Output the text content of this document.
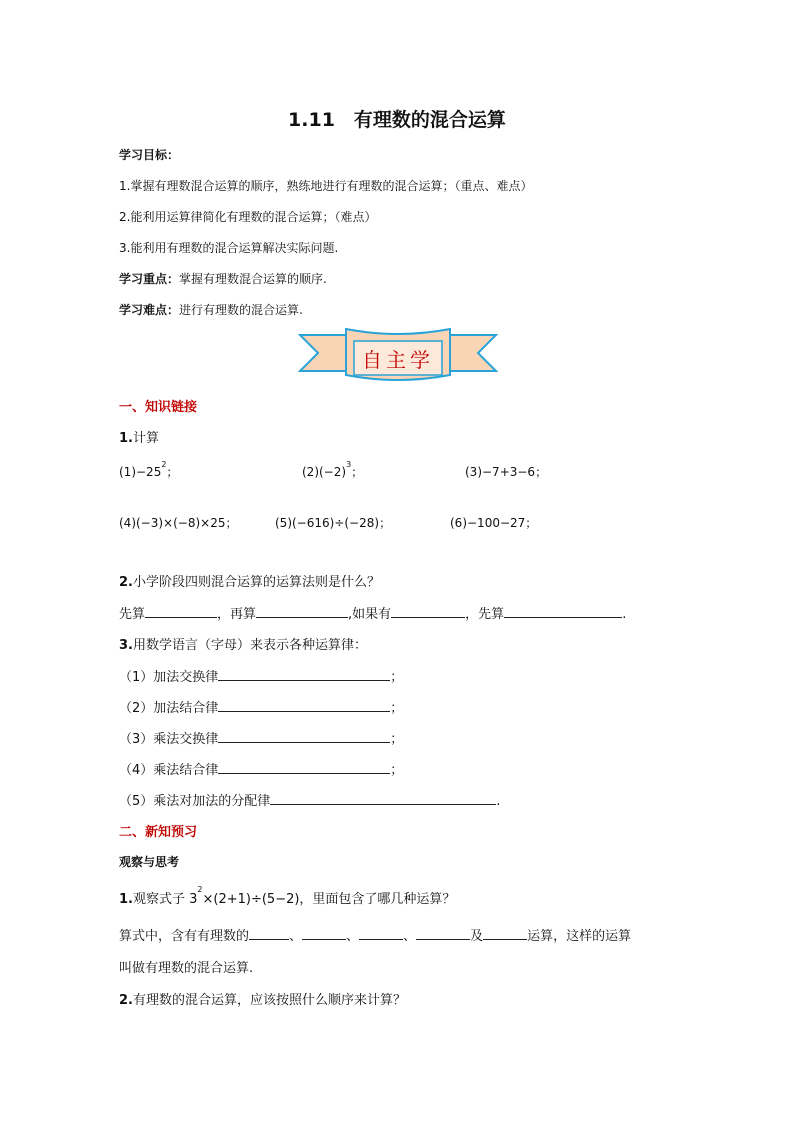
1.11　有理数的混合运算
学习目标：
1.掌握有理数混合运算的顺序，熟练地进行有理数的混合运算；（重点、难点）
2.能利用运算律简化有理数的混合运算；（难点）
3.能利用有理数的混合运算解决实际问题.
学习重点：掌握有理数混合运算的顺序.
学习难点：进行有理数的混合运算.
自主学
一、知识链接
1.计算
$(1)-25^2$；	$(2)(-2)^3$；	(3)−7+3−6；
(4)(−3)×(−8)×25；	(5)(−616)÷(−28)；	(6)−100−27；
2.小学阶段四则混合运算的运算法则是什么？
先算	，再算	,如果有	，先算	.
3.用数学语言（字母）来表示各种运算律：
（1）加法交换律	；
（2）加法结合律	；
（3）乘法交换律	；
（4）乘法结合律	；
（5）乘法对加法的分配律	.
二、新知预习
观察与思考
1.观察式子 $3^2\times(2+1)\div(5-2)$，里面包含了哪几种运算？
算式中，含有有理数的	、	、	、	及	运算，这样的运算
叫做有理数的混合运算.
2.有理数的混合运算，应该按照什么顺序来计算？
